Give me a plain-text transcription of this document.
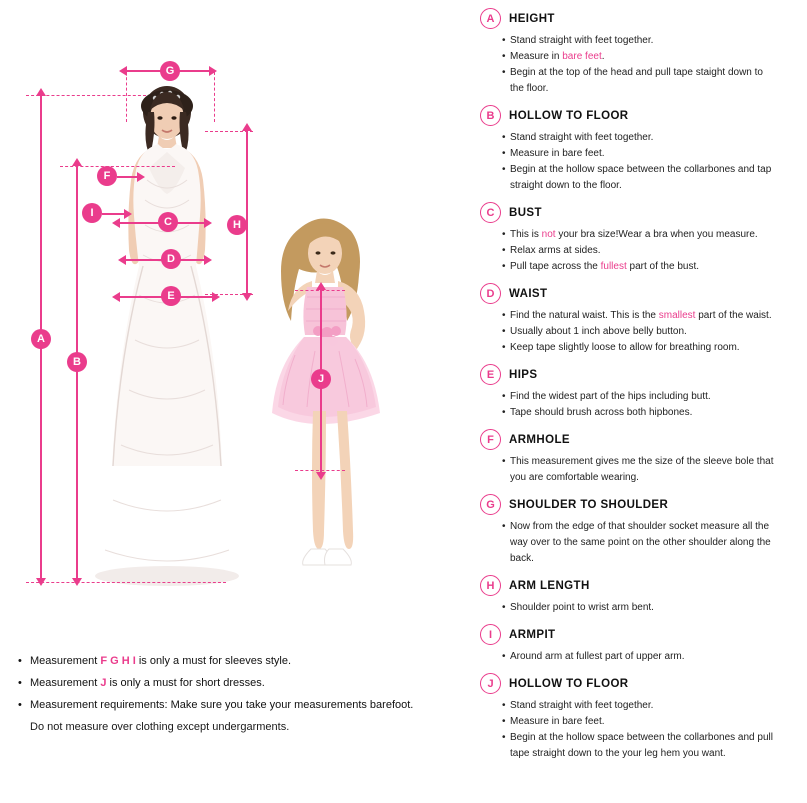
A
B
G
F
I
C
D
E
H
J
• Measurement F G H I is only a must for sleeves style.
• Measurement J is only a must for short dresses.
• Measurement requirements: Make sure you take your measurements barefoot.
Do not measure over clothing except undergarments.
A	HEIGHT
• Stand straight with feet together.
• Measure in bare feet.
• Begin at the top of the head and pull tape staight down to
the floor.
B	HOLLOW TO FLOOR
• Stand straight with feet together.
• Measure in bare feet.
• Begin at the hollow space between the collarbones and tap
straight down to the floor.
C	BUST
• This is not your bra size!Wear a bra when you measure.
• Relax arms at sides.
• Pull tape across the fullest part of the bust.
D	WAIST
• Find the natural waist. This is the smallest part of the waist.
• Usually about 1 inch above belly button.
• Keep tape slightly loose to allow for breathing room.
E	HIPS
• Find the widest part of the hips including butt.
• Tape should brush across both hipbones.
F	ARMHOLE
• This measurement gives me the size of the sleeve bole that
you are comfortable wearing.
G	SHOULDER TO SHOULDER
• Now from the edge of that shoulder socket measure all the
way over to the same point on the other shoulder along the
back.
H	ARM LENGTH
• Shoulder point to wrist arm bent.
I	ARMPIT
• Around arm at fullest part of upper arm.
J	HOLLOW TO FLOOR
• Stand straight with feet together.
• Measure in bare feet.
• Begin at the hollow space between the collarbones and pull
tape straight down to the your leg hem you want.
